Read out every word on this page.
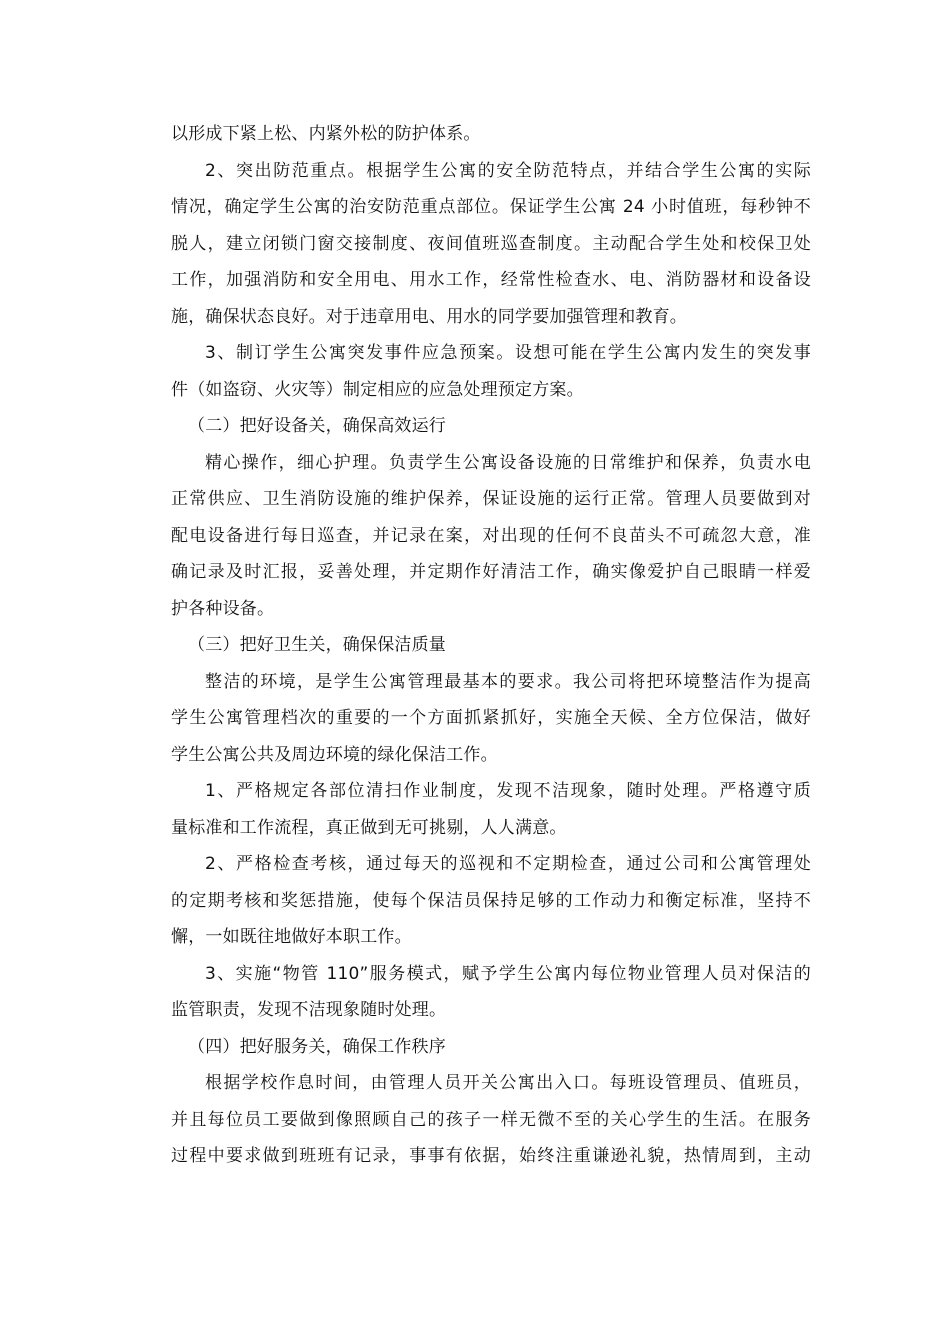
以形成下紧上松、内紧外松的防护体系。

2、突出防范重点。根据学生公寓的安全防范特点，并结合学生公寓的实际
情况，确定学生公寓的治安防范重点部位。保证学生公寓 24 小时值班，每秒钟不
脱人，建立闭锁门窗交接制度、夜间值班巡查制度。主动配合学生处和校保卫处
工作，加强消防和安全用电、用水工作，经常性检查水、电、消防器材和设备设
施，确保状态良好。对于违章用电、用水的同学要加强管理和教育。

3、制订学生公寓突发事件应急预案。设想可能在学生公寓内发生的突发事
件（如盗窃、火灾等）制定相应的应急处理预定方案。

（二）把好设备关，确保高效运行

精心操作，细心护理。负责学生公寓设备设施的日常维护和保养，负责水电
正常供应、卫生消防设施的维护保养，保证设施的运行正常。管理人员要做到对
配电设备进行每日巡查，并记录在案，对出现的任何不良苗头不可疏忽大意，准
确记录及时汇报，妥善处理，并定期作好清洁工作，确实像爱护自己眼睛一样爱
护各种设备。

（三）把好卫生关，确保保洁质量

整洁的环境，是学生公寓管理最基本的要求。我公司将把环境整洁作为提高
学生公寓管理档次的重要的一个方面抓紧抓好，实施全天候、全方位保洁，做好
学生公寓公共及周边环境的绿化保洁工作。

1、严格规定各部位清扫作业制度，发现不洁现象，随时处理。严格遵守质
量标准和工作流程，真正做到无可挑剔，人人满意。

2、严格检查考核，通过每天的巡视和不定期检查，通过公司和公寓管理处
的定期考核和奖惩措施，使每个保洁员保持足够的工作动力和衡定标准，坚持不
懈，一如既往地做好本职工作。

3、实施“物管 110”服务模式，赋予学生公寓内每位物业管理人员对保洁的
监管职责，发现不洁现象随时处理。

（四）把好服务关，确保工作秩序

根据学校作息时间，由管理人员开关公寓出入口。每班设管理员、值班员，
并且每位员工要做到像照顾自己的孩子一样无微不至的关心学生的生活。在服务
过程中要求做到班班有记录，事事有依据，始终注重谦逊礼貌，热情周到，主动
